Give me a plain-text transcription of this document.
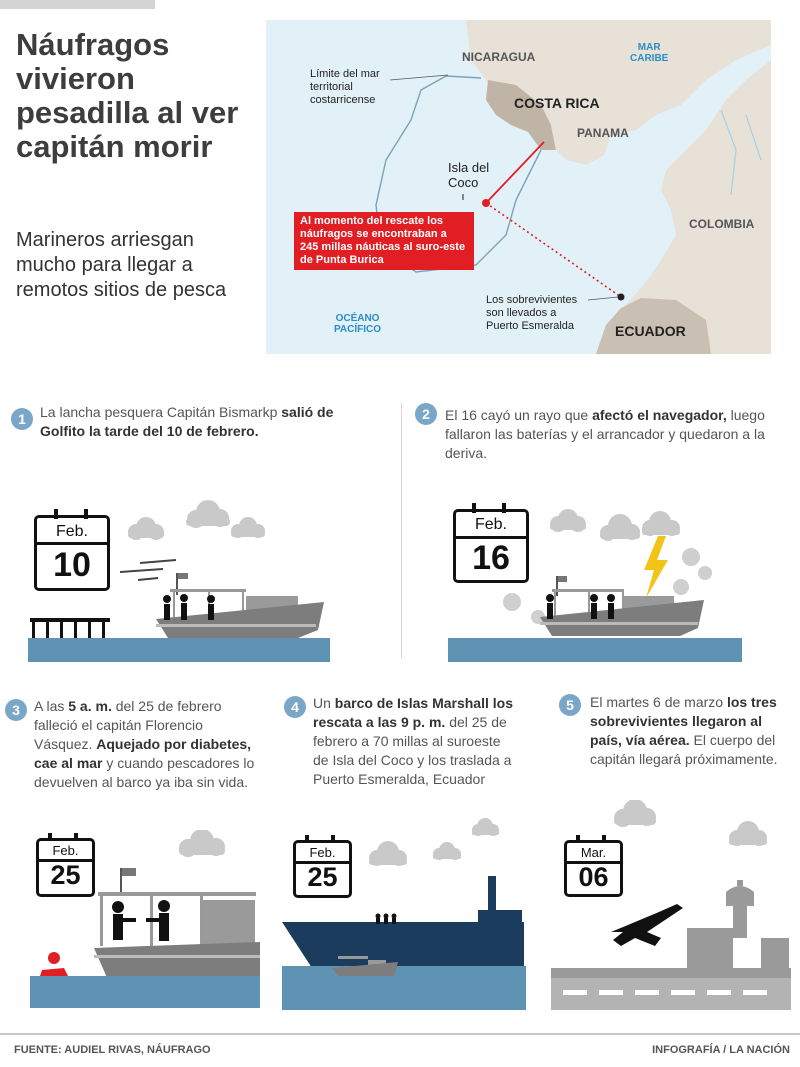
Náufragos vivieron pesadilla al ver capitán morir
Marineros arriesgan mucho para llegar a remotos sitios de pesca
NICARAGUA
COSTA RICA
PANAMA
COLOMBIA
ECUADOR
MAR
CARIBE
OCÉANO
PACÍFICO
Límite del mar
territorial
costarricense
Isla del
Coco
Los sobrevivientes
son llevados a
Puerto Esmeralda
Al momento del rescate los náufragos se encontraban a 245 millas náuticas al suro-este de Punta Burica
1	La lancha pesquera Capitán Bismarkp salió de Golfito la tarde del 10 de febrero.
2	El 16 cayó un rayo que afectó el navegador, luego fallaron las baterías y el arrancador y quedaron a la deriva.
3	A las 5 a. m. del 25 de febrero falleció el capitán Florencio Vásquez. Aquejado por diabetes, cae al mar y cuando pescadores lo devuelven al barco ya iba sin vida.
4	Un barco de Islas Marshall los rescata a las 9 p. m. del 25 de febrero a 70 millas al suroeste de Isla del Coco y los traslada a Puerto Esmeralda, Ecuador
5	El martes 6 de marzo los tres sobrevivientes llegaron al país, vía aérea. El cuerpo del capitán llegará próximamente.
Feb.
10
Feb.
16
Feb.
25
Feb.
25
Mar.
06
FUENTE: AUDIEL RIVAS, NÁUFRAGO	INFOGRAFÍA / LA NACIÓN
